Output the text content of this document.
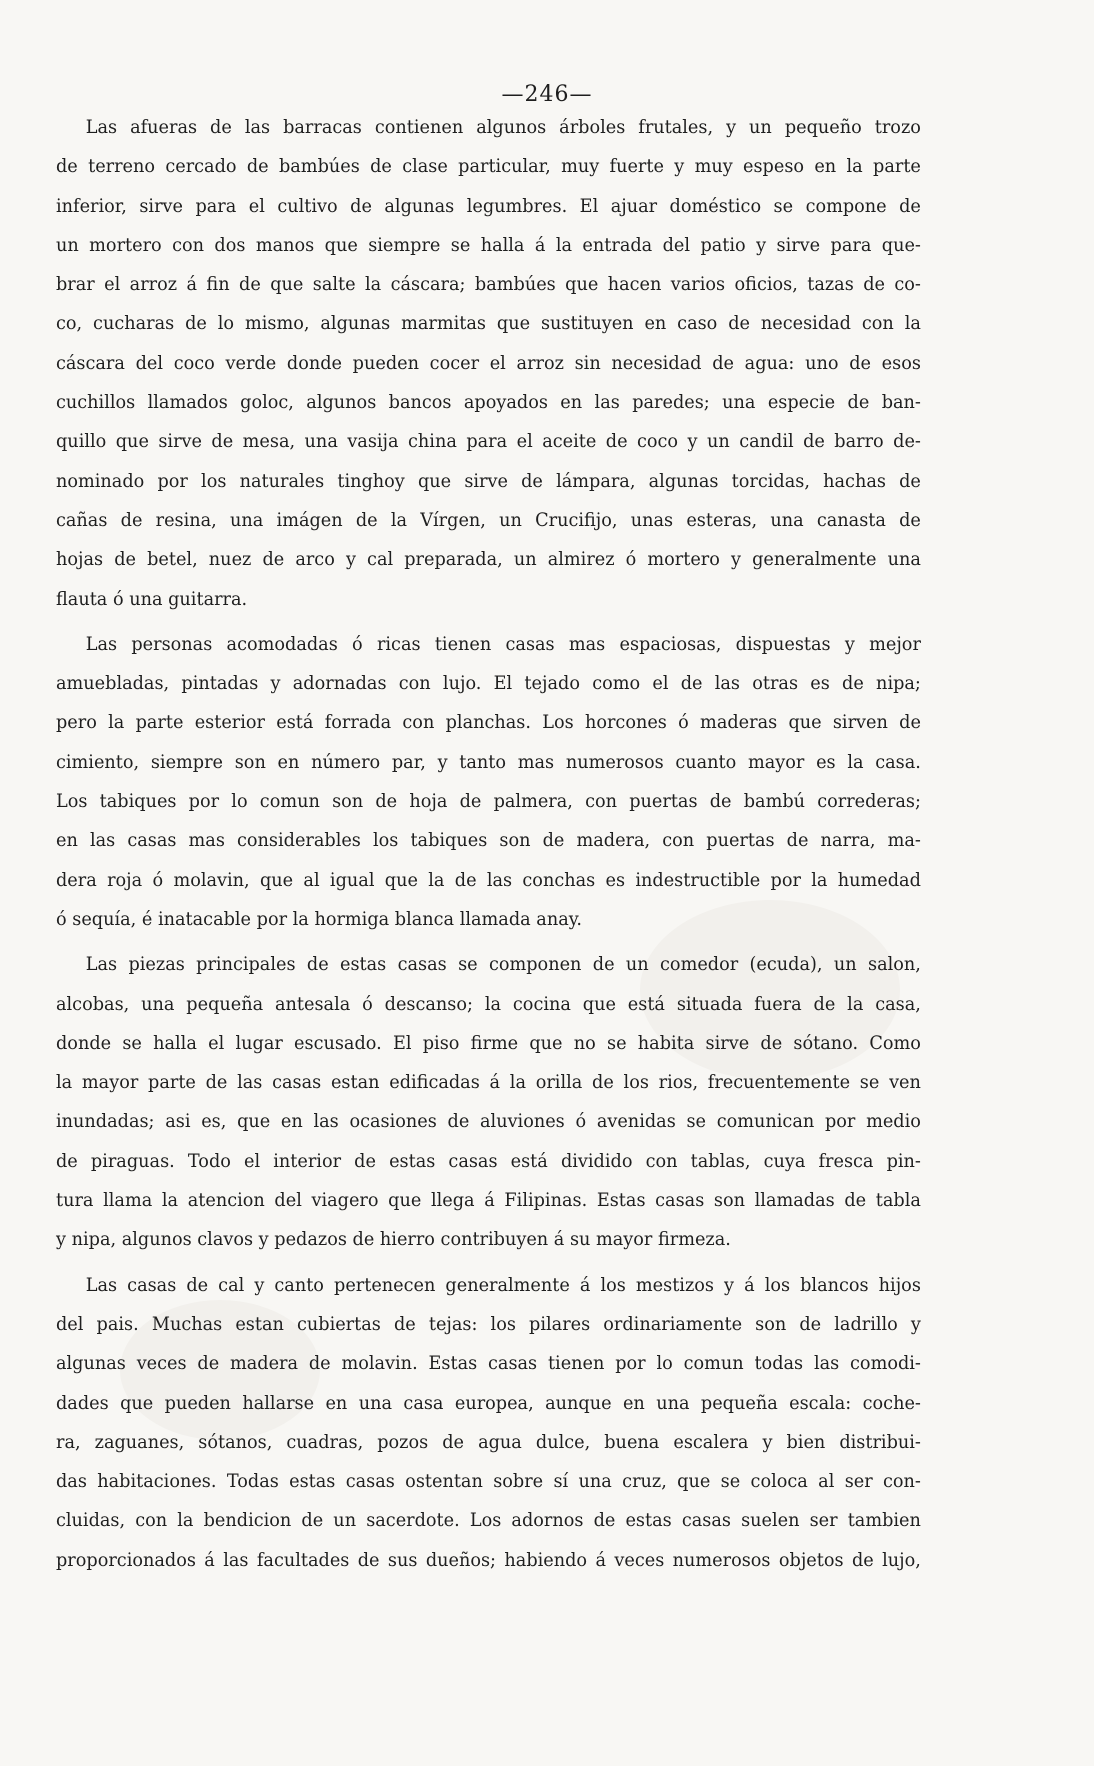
—246—
Las afueras de las barracas contienen algunos árboles frutales, y un pequeño trozo
de terreno cercado de bambúes de clase particular, muy fuerte y muy espeso en la parte
inferior, sirve para el cultivo de algunas legumbres. El ajuar doméstico se compone de
un mortero con dos manos que siempre se halla á la entrada del patio y sirve para que-
brar el arroz á fin de que salte la cáscara; bambúes que hacen varios oficios, tazas de co-
co, cucharas de lo mismo, algunas marmitas que sustituyen en caso de necesidad con la
cáscara del coco verde donde pueden cocer el arroz sin necesidad de agua: uno de esos
cuchillos llamados goloc, algunos bancos apoyados en las paredes; una especie de ban-
quillo que sirve de mesa, una vasija china para el aceite de coco y un candil de barro de-
nominado por los naturales tinghoy que sirve de lámpara, algunas torcidas, hachas de
cañas de resina, una imágen de la Vírgen, un Crucifijo, unas esteras, una canasta de
hojas de betel, nuez de arco y cal preparada, un almirez ó mortero y generalmente una
flauta ó una guitarra.
Las personas acomodadas ó ricas tienen casas mas espaciosas, dispuestas y mejor
amuebladas, pintadas y adornadas con lujo. El tejado como el de las otras es de nipa;
pero la parte esterior está forrada con planchas. Los horcones ó maderas que sirven de
cimiento, siempre son en número par, y tanto mas numerosos cuanto mayor es la casa.
Los tabiques por lo comun son de hoja de palmera, con puertas de bambú correderas;
en las casas mas considerables los tabiques son de madera, con puertas de narra, ma-
dera roja ó molavin, que al igual que la de las conchas es indestructible por la humedad
ó sequía, é inatacable por la hormiga blanca llamada anay.
Las piezas principales de estas casas se componen de un comedor (ecuda), un salon,
alcobas, una pequeña antesala ó descanso; la cocina que está situada fuera de la casa,
donde se halla el lugar escusado. El piso firme que no se habita sirve de sótano. Como
la mayor parte de las casas estan edificadas á la orilla de los rios, frecuentemente se ven
inundadas; asi es, que en las ocasiones de aluviones ó avenidas se comunican por medio
de piraguas. Todo el interior de estas casas está dividido con tablas, cuya fresca pin-
tura llama la atencion del viagero que llega á Filipinas. Estas casas son llamadas de tabla
y nipa, algunos clavos y pedazos de hierro contribuyen á su mayor firmeza.
Las casas de cal y canto pertenecen generalmente á los mestizos y á los blancos hijos
del pais. Muchas estan cubiertas de tejas: los pilares ordinariamente son de ladrillo y
algunas veces de madera de molavin. Estas casas tienen por lo comun todas las comodi-
dades que pueden hallarse en una casa europea, aunque en una pequeña escala: coche-
ra, zaguanes, sótanos, cuadras, pozos de agua dulce, buena escalera y bien distribui-
das habitaciones. Todas estas casas ostentan sobre sí una cruz, que se coloca al ser con-
cluidas, con la bendicion de un sacerdote. Los adornos de estas casas suelen ser tambien
proporcionados á las facultades de sus dueños; habiendo á veces numerosos objetos de lujo,
